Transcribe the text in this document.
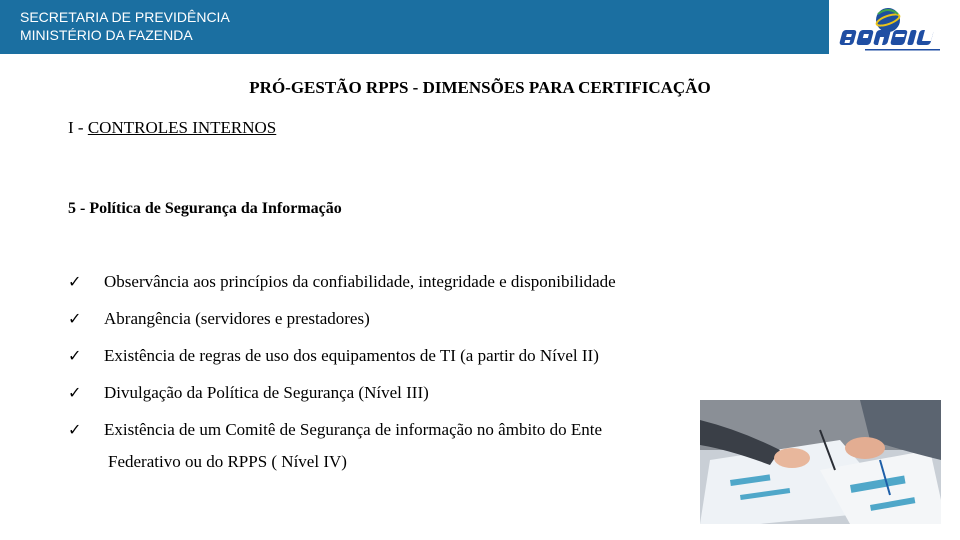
SECRETARIA DE PREVIDÊNCIA
MINISTÉRIO DA FAZENDA
PRÓ-GESTÃO RPPS - DIMENSÕES PARA CERTIFICAÇÃO
I - CONTROLES INTERNOS
5 - Política de Segurança da Informação
✓ Observância aos princípios da confiabilidade, integridade e disponibilidade
✓ Abrangência (servidores e prestadores)
✓ Existência de regras de uso dos equipamentos de TI (a partir do Nível II)
✓ Divulgação da Política de Segurança (Nível III)
✓ Existência de um Comitê de Segurança de informação no âmbito do Ente
Federativo ou do RPPS ( Nível IV)
